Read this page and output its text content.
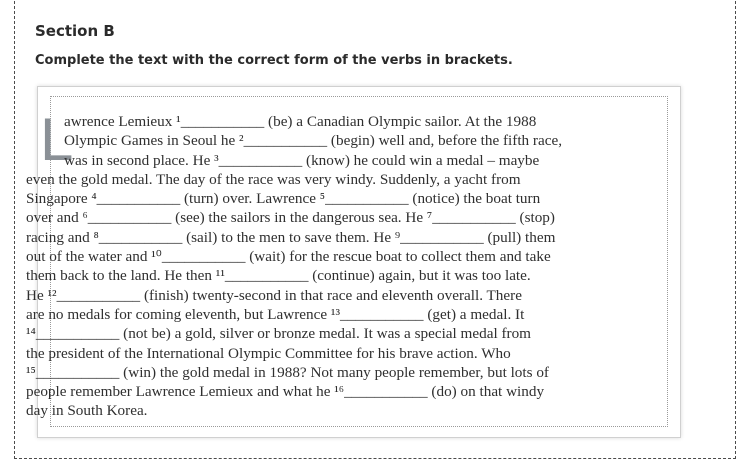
Section B
Complete the text with the correct form of the verbs in brackets.
L
awrence Lemieux ¹___________ (be) a Canadian Olympic sailor. At the 1988
Olympic Games in Seoul he ²___________ (begin) well and, before the fifth race,
was in second place. He ³___________ (know) he could win a medal – maybe
even the gold medal. The day of the race was very windy. Suddenly, a yacht from
Singapore ⁴___________ (turn) over. Lawrence ⁵___________ (notice) the boat turn
over and ⁶___________ (see) the sailors in the dangerous sea. He ⁷___________ (stop)
racing and ⁸___________ (sail) to the men to save them. He ⁹___________ (pull) them
out of the water and ¹⁰___________ (wait) for the rescue boat to collect them and take
them back to the land. He then ¹¹___________ (continue) again, but it was too late.
He ¹²___________ (finish) twenty-second in that race and eleventh overall. There
are no medals for coming eleventh, but Lawrence ¹³___________ (get) a medal. It
¹⁴___________ (not be) a gold, silver or bronze medal. It was a special medal from
the president of the International Olympic Committee for his brave action. Who
¹⁵___________ (win) the gold medal in 1988? Not many people remember, but lots of
people remember Lawrence Lemieux and what he ¹⁶___________ (do) on that windy
day in South Korea.
